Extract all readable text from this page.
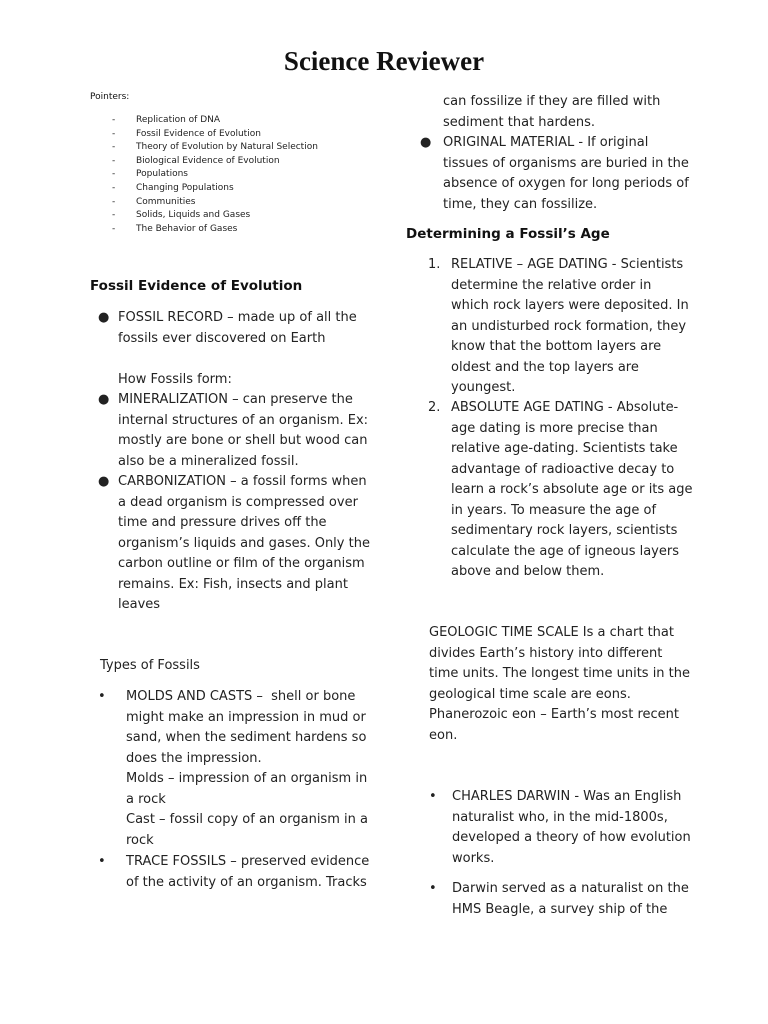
Science Reviewer
Pointers:
- Replication of DNA
- Fossil Evidence of Evolution
- Theory of Evolution by Natural Selection
- Biological Evidence of Evolution
- Populations
- Changing Populations
- Communities
- Solids, Liquids and Gases
- The Behavior of Gases
Fossil Evidence of Evolution
● FOSSIL RECORD – made up of all the
fossils ever discovered on Earth
How Fossils form:
● MINERALIZATION – can preserve the
internal structures of an organism. Ex:
mostly are bone or shell but wood can
also be a mineralized fossil.
● CARBONIZATION – a fossil forms when
a dead organism is compressed over
time and pressure drives off the
organism’s liquids and gases. Only the
carbon outline or film of the organism
remains. Ex: Fish, insects and plant
leaves
Types of Fossils
• MOLDS AND CASTS –  shell or bone
might make an impression in mud or
sand, when the sediment hardens so
does the impression.
Molds – impression of an organism in
a rock
Cast – fossil copy of an organism in a
rock
• TRACE FOSSILS – preserved evidence
of the activity of an organism. Tracks
can fossilize if they are filled with
sediment that hardens.
● ORIGINAL MATERIAL - If original
tissues of organisms are buried in the
absence of oxygen for long periods of
time, they can fossilize.
Determining a Fossil’s Age
1. RELATIVE – AGE DATING - Scientists
determine the relative order in
which rock layers were deposited. In
an undisturbed rock formation, they
know that the bottom layers are
oldest and the top layers are
youngest.
2. ABSOLUTE AGE DATING - Absolute-
age dating is more precise than
relative age-dating. Scientists take
advantage of radioactive decay to
learn a rock’s absolute age or its age
in years. To measure the age of
sedimentary rock layers, scientists
calculate the age of igneous layers
above and below them.
GEOLOGIC TIME SCALE Is a chart that
divides Earth’s history into different
time units. The longest time units in the
geological time scale are eons.
Phanerozoic eon – Earth’s most recent
eon.
• CHARLES DARWIN - Was an English
naturalist who, in the mid-1800s,
developed a theory of how evolution
works.
• Darwin served as a naturalist on the
HMS Beagle, a survey ship of the
